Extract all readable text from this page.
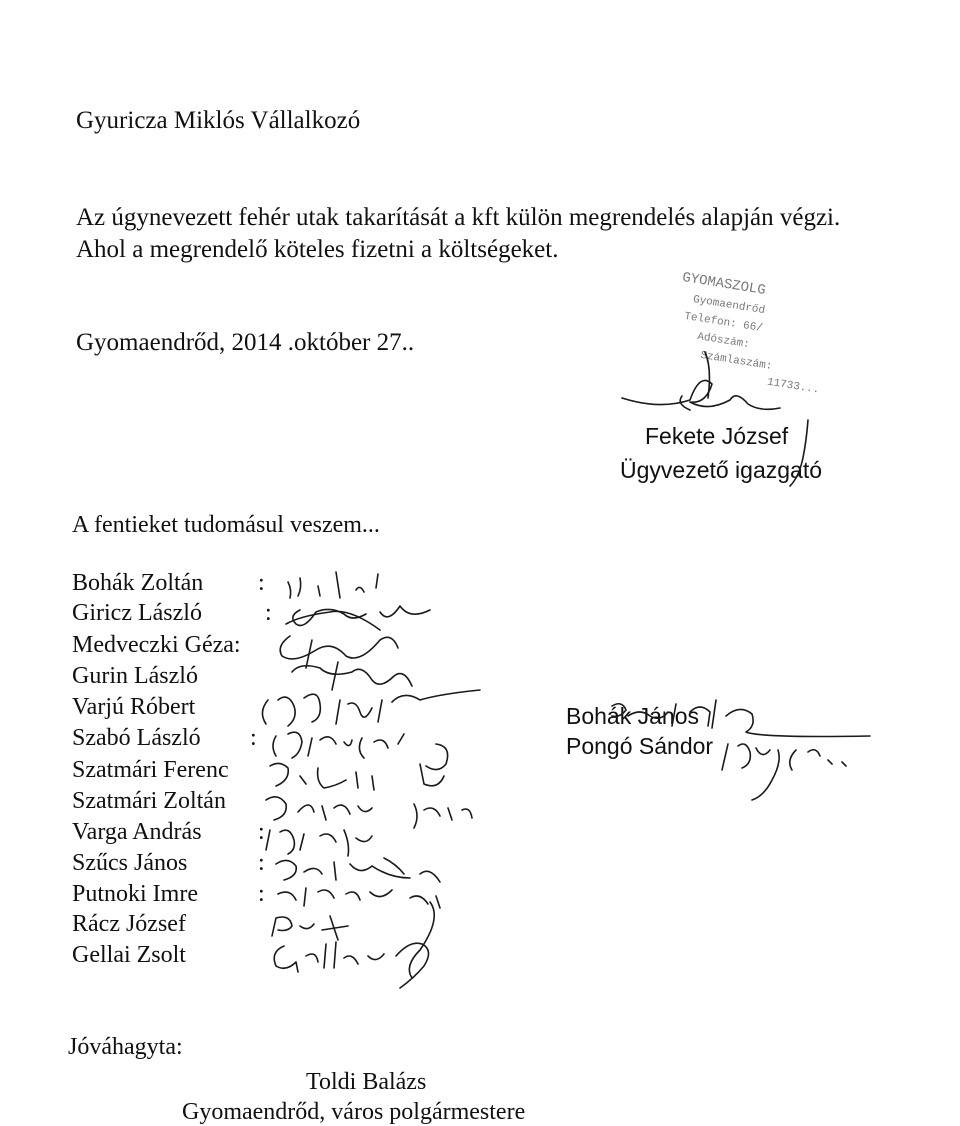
Gyuricza Miklós Vállalkozó
Az úgynevezett fehér utak takarítását a kft külön megrendelés alapján végzi.
Ahol a megrendelő köteles fizetni a költségeket.
Gyomaendrőd, 2014 .október 27..
GYOMASZOLG
Gyomaendrőd
Telefon: 66/
Adószám:
Számlaszám:
11733...
Fekete József
Ügyvezető igazgató
A fentieket tudomásul veszem...
Bohák Zoltán :
Giricz László	:
Medveczki Géza:
Gurin László
Varjú Róbert
Szabó László :
Szatmári Ferenc
Szatmári Zoltán
Varga András :
Szűcs János	:
Putnoki Imre	:
Rácz József
Gellai Zsolt
Bohák János
Pongó Sándor
Jóváhagyta:
Toldi Balázs
Gyomaendrőd, város polgármestere
